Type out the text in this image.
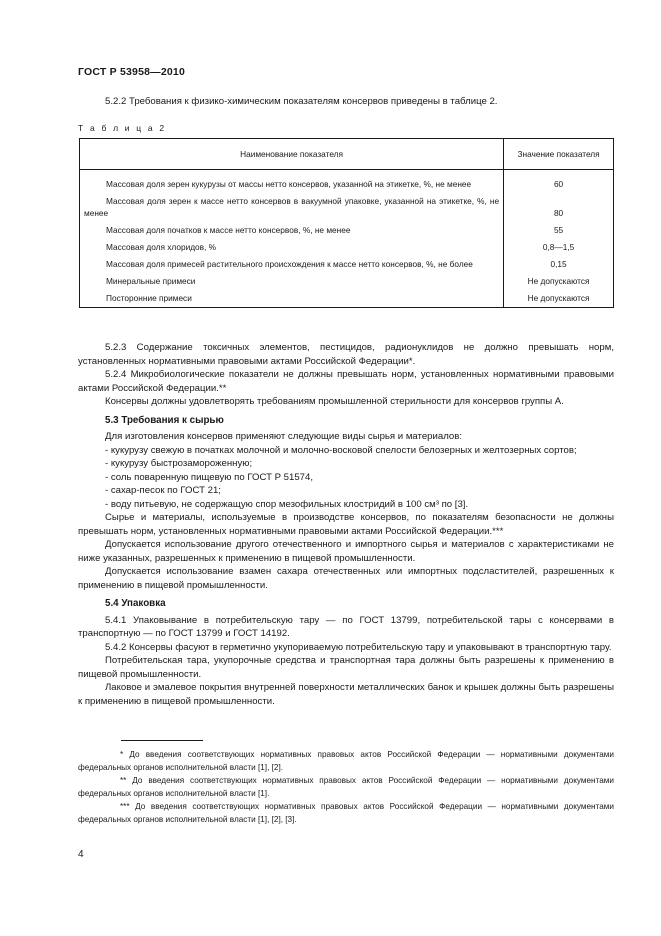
ГОСТ Р 53958—2010

5.2.2 Требования к физико-химическим показателям консервов приведены в таблице 2.

Т а б л и ц а 2
Наименование показателя	Значение показателя

Массовая доля зерен кукурузы от массы нетто консервов, указанной на этикетке, %, не менее	60

Массовая доля зерен к массе нетто консервов в вакуумной упаковке, указанной на этикетке, %, не менее	80

Массовая доля початков к массе нетто консервов, %, не менее	55

Массовая доля хлоридов, %	0,8—1,5

Массовая доля примесей растительного происхождения к массе нетто консервов, %, не более	0,15

Минеральные примеси	Не допускаются

Посторонние примеси	Не допускаются

5.2.3 Содержание токсичных элементов, пестицидов, радионуклидов не должно превышать норм, установленных нормативными правовыми актами Российской Федерации*.

5.2.4 Микробиологические показатели не должны превышать норм, установленных нормативными правовыми актами Российской Федерации.**

Консервы должны удовлетворять требованиям промышленной стерильности для консервов группы А.

5.3 Требования к сырью

Для изготовления консервов применяют следующие виды сырья и материалов:

- кукурузу свежую в початках молочной и молочно-восковой спелости белозерных и желтозерных сортов;

- кукурузу быстрозамороженную;

- соль поваренную пищевую по ГОСТ Р 51574,

- сахар-песок по ГОСТ 21;

- воду питьевую, не содержащую спор мезофильных клостридий в 100 см³ по [3].

Сырье и материалы, используемые в производстве консервов, по показателям безопасности не должны превышать норм, установленных нормативными правовыми актами Российской Федерации.***

Допускается использование другого отечественного и импортного сырья и материалов с характеристиками не ниже указанных, разрешенных к применению в пищевой промышленности.

Допускается использование взамен сахара отечественных или импортных подсластителей, разрешенных к применению в пищевой промышленности.

5.4 Упаковка

5.4.1 Упаковывание в потребительскую тару — по ГОСТ 13799, потребительской тары с консервами в транспортную — по ГОСТ 13799 и ГОСТ 14192.

5.4.2 Консервы фасуют в герметично укупориваемую потребительскую тару и упаковывают в транспортную тару.

Потребительская тара, укупорочные средства и транспортная тара должны быть разрешены к применению в пищевой промышленности.

Лаковое и эмалевое покрытия внутренней поверхности металлических банок и крышек должны быть разрешены к применению в пищевой промышленности.

* До введения соответствующих нормативных правовых актов Российской Федерации — нормативными документами федеральных органов исполнительной власти [1], [2].

** До введения соответствующих нормативных правовых актов Российской Федерации — нормативными документами федеральных органов исполнительной власти [1].

*** До введения соответствующих нормативных правовых актов Российской Федерации — нормативными документами федеральных органов исполнительной власти [1], [2], [3].

4
